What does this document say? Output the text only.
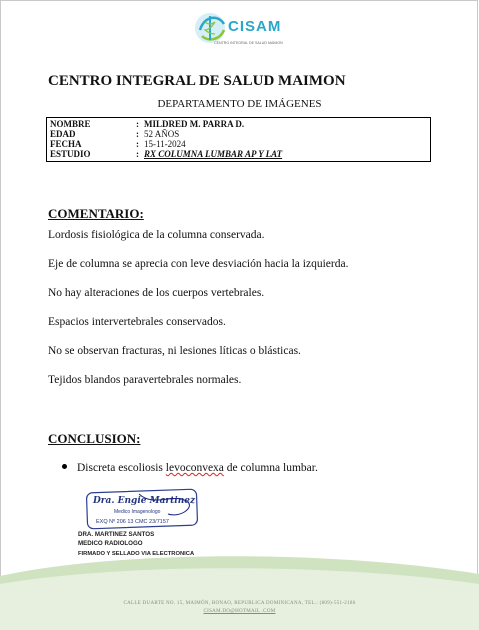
CISAM
CENTRO INTEGRAL DE SALUD MAIMON
CENTRO INTEGRAL DE SALUD MAIMON
DEPARTAMENTO DE IMÁGENES
NOMBRE	: MILDRED M. PARRA D.
EDAD	: 52 AÑOS
FECHA	: 15-11-2024
ESTUDIO	: RX COLUMNA LUMBAR AP Y LAT
COMENTARIO:
Lordosis fisiológica de la columna conservada.
Eje de columna se aprecia con leve desviación hacia la izquierda.
No hay alteraciones de los cuerpos vertebrales.
Espacios intervertebrales conservados.
No se observan fracturas, ni lesiones líticas o blásticas.
Tejidos blandos paravertebrales normales.
CONCLUSION:
Discreta escoliosis levoconvexa de columna lumbar.
Dra. Engie Martinez
Medico Imagenologo
EXQ Nº 206 13 CMC 23/7157
DRA. MARTINEZ SANTOS
MEDICO RADIOLOGO
FIRMADO Y SELLADO VIA ELECTRONICA
CALLE DUARTE NO. 15, MAIMÓN, BONAO, REPUBLICA DOMINICANA, TEL.: (809)-551-2186
CISAM.DO@HOTMAIL .COM
